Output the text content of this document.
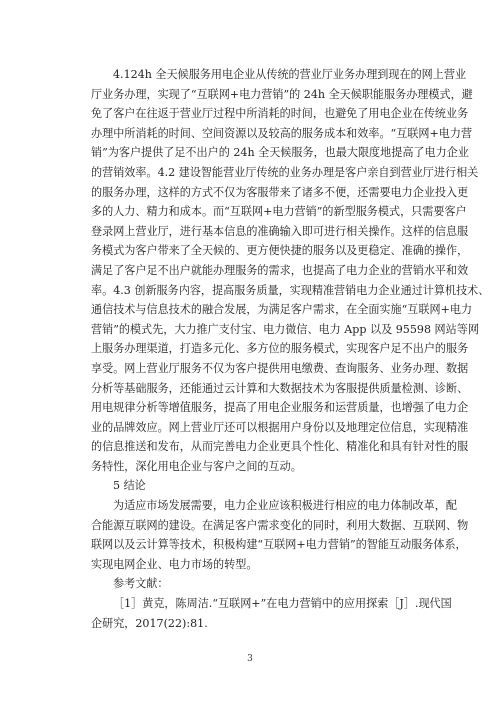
4.124h 全天候服务用电企业从传统的营业厅业务办理到现在的网上营业
厅业务办理，实现了“互联网+电力营销”的 24h 全天候职能服务办理模式，避
免了客户在往返于营业厅过程中所消耗的时间，也避免了用电企业在传统业务
办理中所消耗的时间、空间资源以及较高的服务成本和效率。“互联网+电力营
销”为客户提供了足不出户的 24h 全天候服务，也最大限度地提高了电力企业
的营销效率。4.2 建设智能营业厅传统的业务办理是客户亲自到营业厅进行相关
的服务办理，这样的方式不仅为客服带来了诸多不便，还需要电力企业投入更
多的人力、精力和成本。而“互联网+电力营销”的新型服务模式，只需要客户
登录网上营业厅，进行基本信息的准确输入即可进行相关操作。这样的信息服
务模式为客户带来了全天候的、更方便快捷的服务以及更稳定、准确的操作，
满足了客户足不出户就能办理服务的需求，也提高了电力企业的营销水平和效
率。4.3 创新服务内容，提高服务质量，实现精准营销电力企业通过计算机技术、
通信技术与信息技术的融合发展，为满足客户需求，在全面实施“互联网+电力
营销”的模式先，大力推广支付宝、电力微信、电力 App 以及 95598 网站等网
上服务办理渠道，打造多元化、多方位的服务模式，实现客户足不出户的服务
享受。网上营业厅服务不仅为客户提供用电缴费、查询服务、业务办理、数据
分析等基础服务，还能通过云计算和大数据技术为客服提供质量检测、诊断、
用电规律分析等增值服务，提高了用电企业服务和运营质量，也增强了电力企
业的品牌效应。网上营业厅还可以根据用户身份以及地理定位信息，实现精准
的信息推送和发布，从而完善电力企业更具个性化、精准化和具有针对性的服
务特性，深化用电企业与客户之间的互动。
5 结论
为适应市场发展需要，电力企业应该积极进行相应的电力体制改革，配
合能源互联网的建设。在满足客户需求变化的同时，利用大数据、互联网、物
联网以及云计算等技术，积极构建“互联网+电力营销”的智能互动服务体系，
实现电网企业、电力市场的转型。
参考文献：
［1］黄克，陈周洁.“互联网+”在电力营销中的应用探索［J］.现代国
企研究，2017(22):81.
3
